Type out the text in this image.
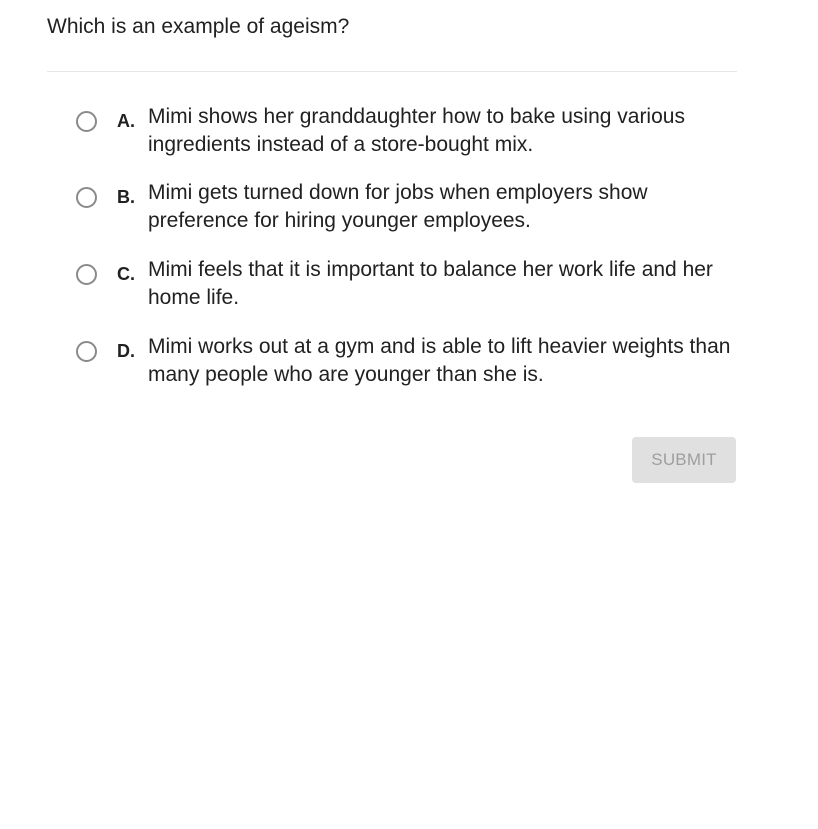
Which is an example of ageism?
A. Mimi shows her granddaughter how to bake using various ingredients instead of a store-bought mix.
B. Mimi gets turned down for jobs when employers show preference for hiring younger employees.
C. Mimi feels that it is important to balance her work life and her home life.
D. Mimi works out at a gym and is able to lift heavier weights than many people who are younger than she is.
SUBMIT
